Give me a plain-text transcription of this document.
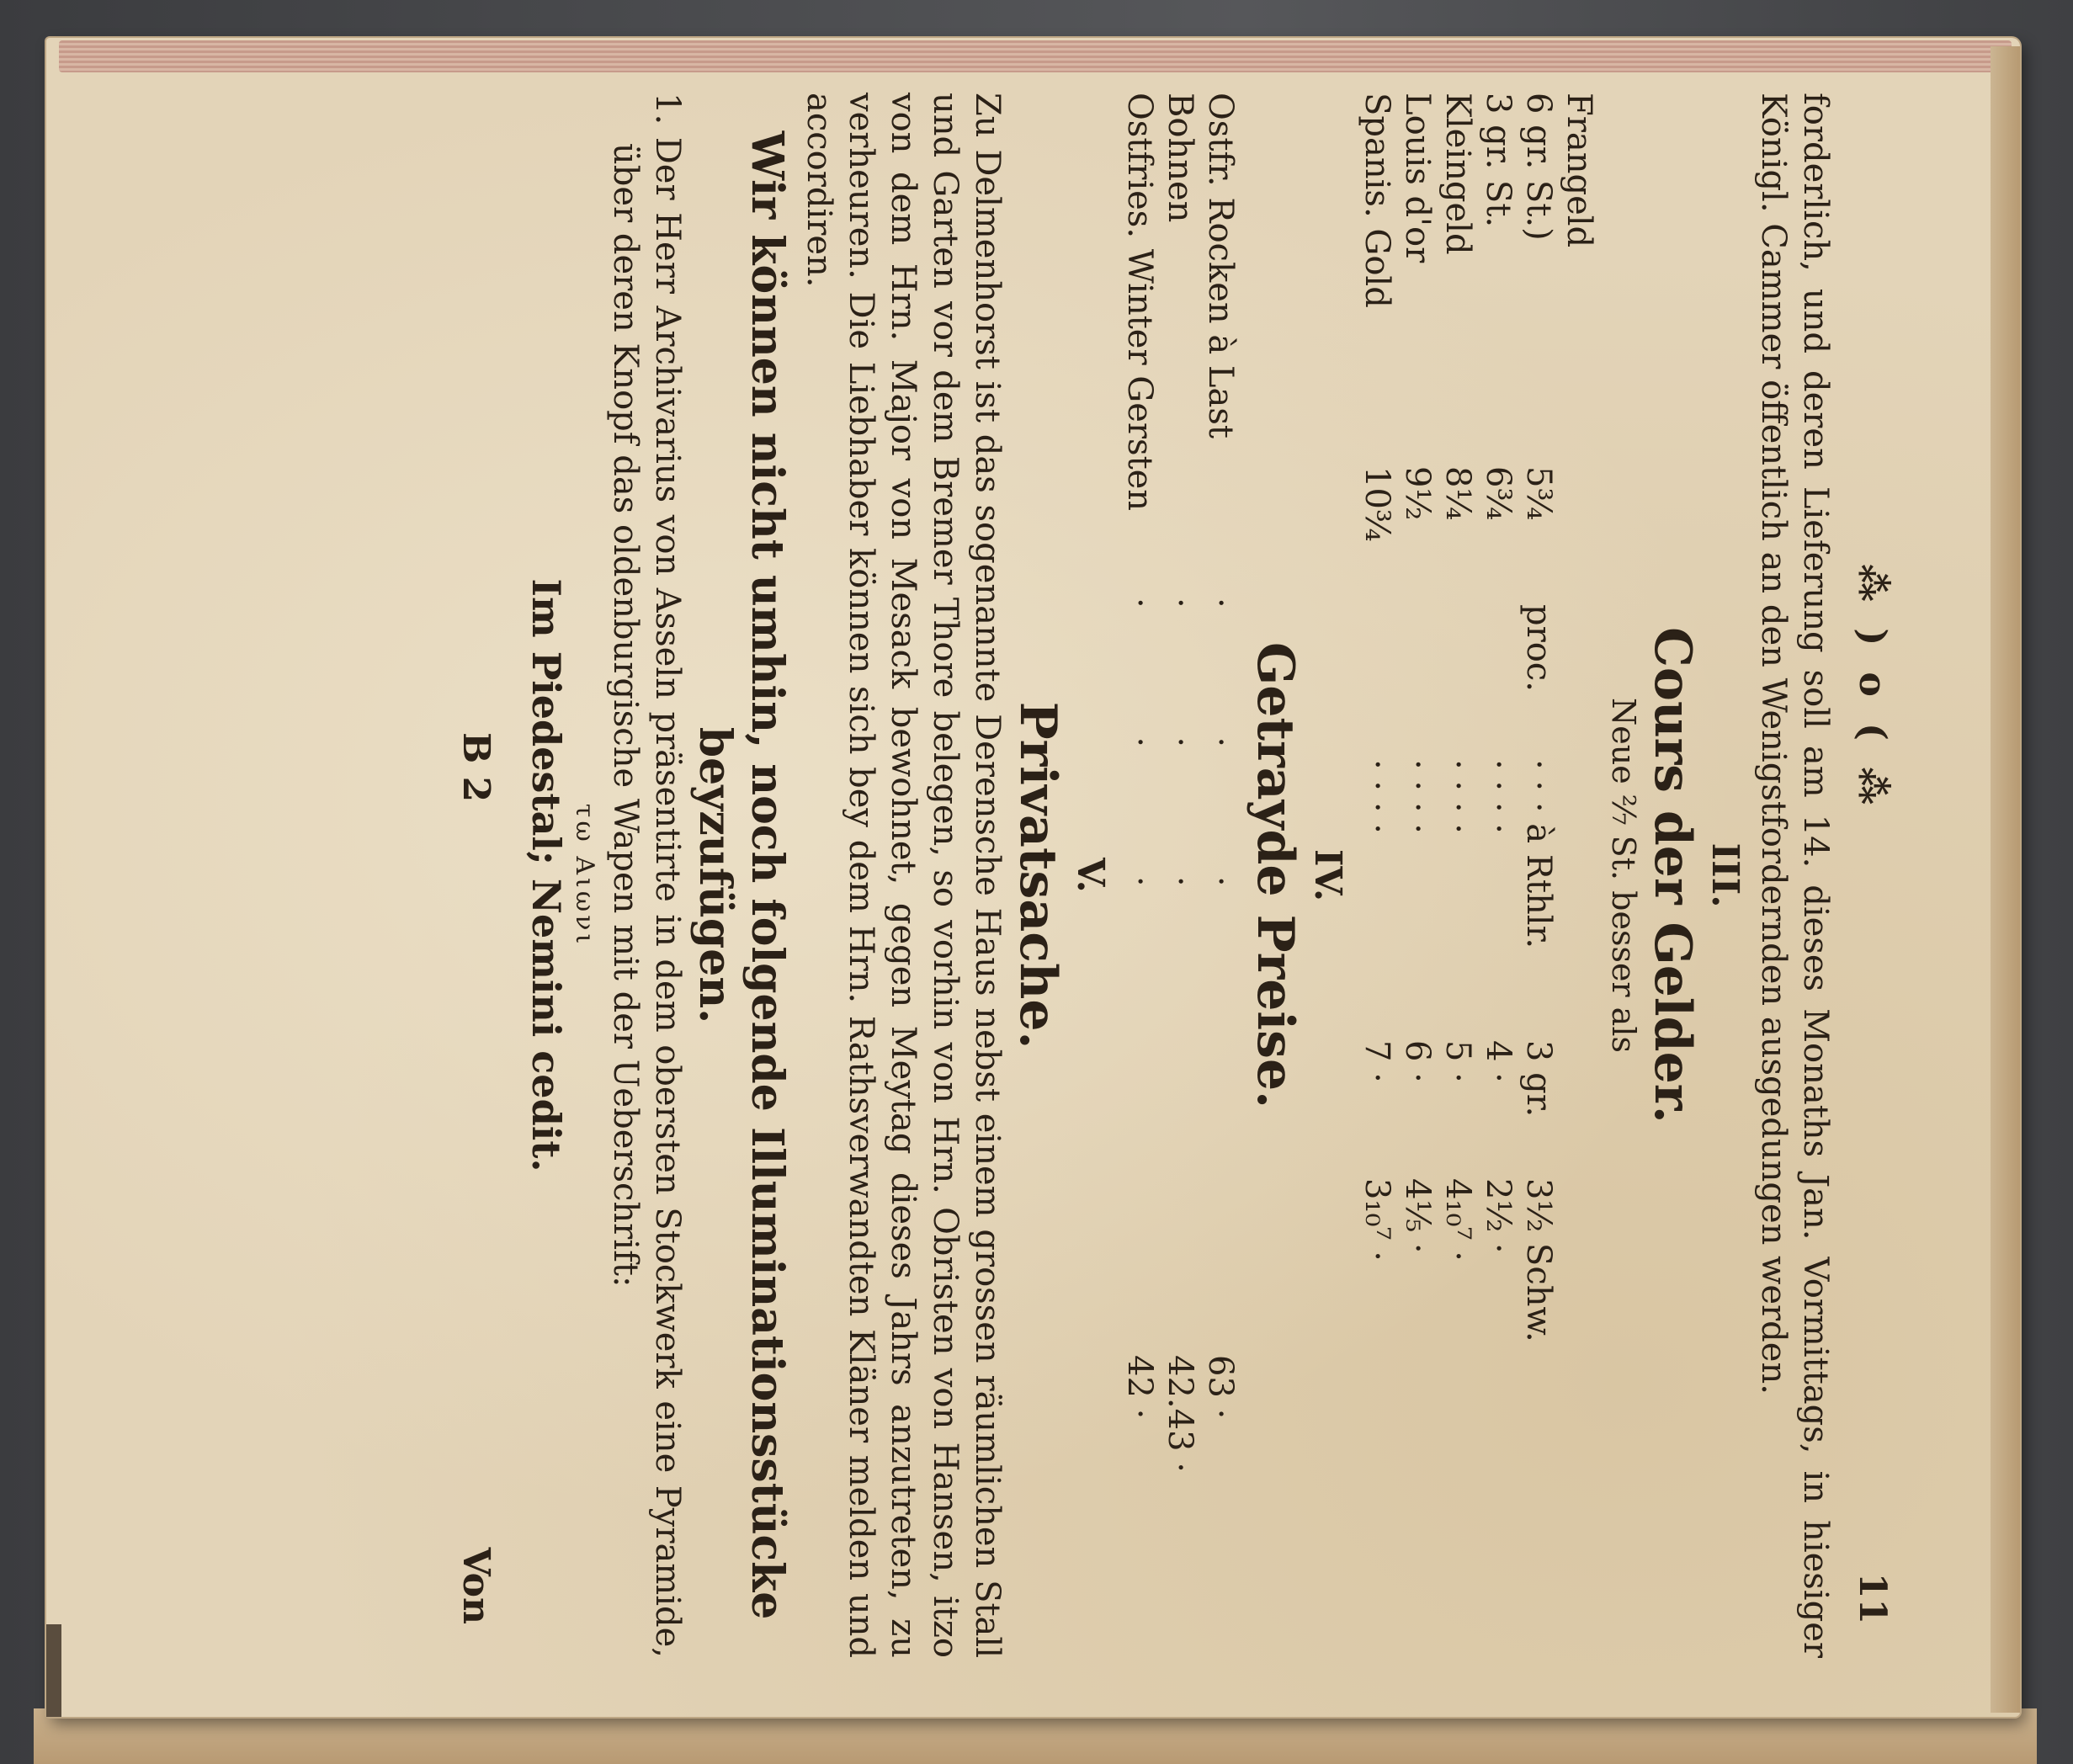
⁂ ) o ( ⁂
11

forderlich, und deren Lieferung soll am 14. dieses Monaths Jan. Vormittags, in hiesiger Königl. Cammer öffentlich an den Wenigstfordernden ausgedungen werden.

III.
Cours der Gelder.
Neue ²⁄₇ St. besser als
Frangeld					
6 gr. St.)	5¾	proc.	· · · à Rthlr.	3 gr.	3½ Schw.
3 gr. St.	6¾		· · · ·	4 ·	2½ ·
Kleingeld	8¼		· · · ·	5 ·	4₁₀⁷ ·
Louis d'or	9½		· · · ·	6 ·	4⅕ ·
Spanis. Gold	10¾		· · · ·	7 ·	3₁₀⁷ ·
IV.
Getrayde Preise.
Ostfr. Rocken à Last	· · ·	63 ·
Bohnen	· · ·	42.43 ·
Ostfries. Winter Gersten	· · ·	42 ·
V.
Privatsache.

Zu Delmenhorst ist das sogenannte Derensche Haus nebst einem grossen räumlichen Stall und Garten vor dem Bremer Thore belegen, so vorhin von Hrn. Obristen von Hansen, itzo von dem Hrn. Major von Mesack bewohnet, gegen Meytag dieses Jahrs anzutreten, zu verheuren. Die Liebhaber können sich bey dem Hrn. Rathsverwandten Kläner melden und accordiren.

Wir können nicht umhin, noch folgende Illuminationsstücke
beyzufügen.

1. Der Herr Archivarius von Asseln präsentirte in dem obersten Stockwerk eine Pyramide, über deren Knopf das oldenburgische Wapen mit der Ueberschrift:

τω Αιωνι
Im Piedestal; Nemini cedit.
B 2
Von
